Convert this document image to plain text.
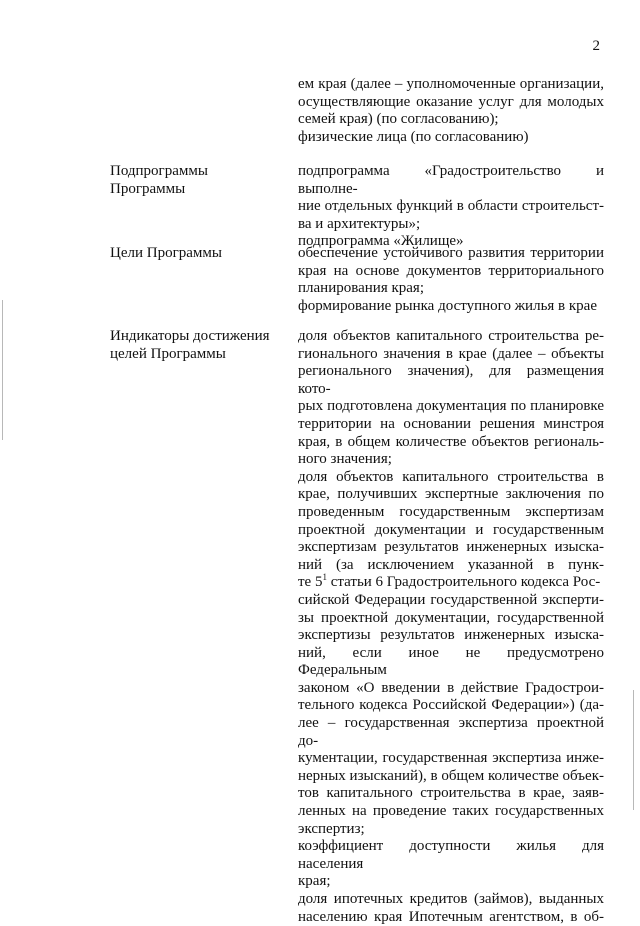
2
ем края (далее – уполномоченные организации,
осуществляющие оказание услуг для молодых
семей края) (по согласованию);
физические лица (по согласованию)
Подпрограммы
Программы
подпрограмма «Градостроительство и выполне-
ние отдельных функций в области строительст-
ва и архитектуры»;
подпрограмма «Жилище»
Цели Программы	обеспечение устойчивого развития территории
края на основе документов территориального
планирования края;
формирование рынка доступного жилья в крае
Индикаторы достижения
целей Программы
доля объектов капитального строительства ре-
гионального значения в крае (далее – объекты
регионального значения), для размещения кото-
рых подготовлена документация по планировке
территории на основании решения минстроя
края, в общем количестве объектов региональ-
ного значения;
доля объектов капитального строительства в
крае, получивших экспертные заключения по
проведенным государственным экспертизам
проектной документации и государственным
экспертизам результатов инженерных изыска-
ний (за исключением указанной в пунк-
те $5^1$ статьи 6 Градостроительного кодекса Рос-
сийской Федерации государственной эксперти-
зы проектной документации, государственной
экспертизы результатов инженерных изыска-
ний, если иное не предусмотрено Федеральным
законом «О введении в действие Градострои-
тельного кодекса Российской Федерации») (да-
лее – государственная экспертиза проектной до-
кументации, государственная экспертиза инже-
нерных изысканий), в общем количестве объек-
тов капитального строительства в крае, заяв-
ленных на проведение таких государственных
экспертиз;
коэффициент доступности жилья для населения
края;
доля ипотечных кредитов (займов), выданных
населению края Ипотечным агентством, в об-
